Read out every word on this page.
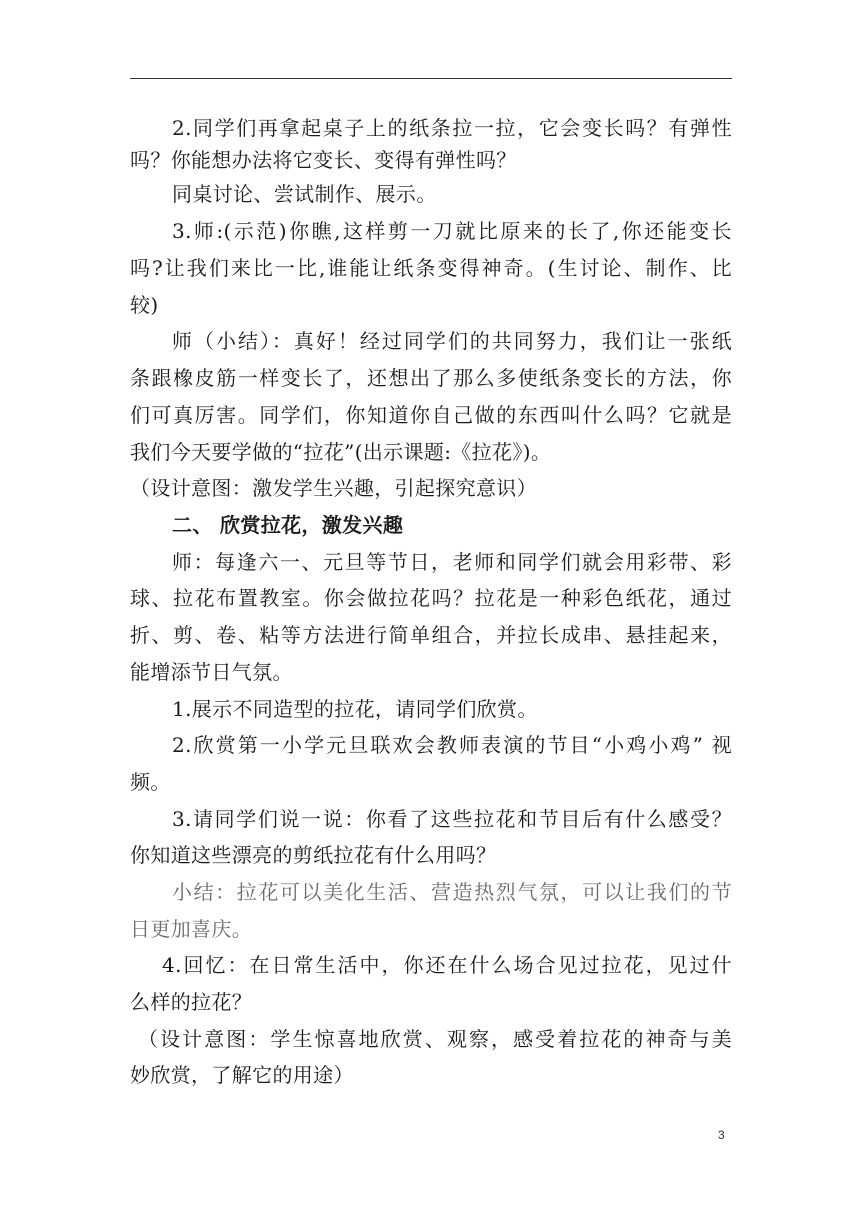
2.同学们再拿起桌子上的纸条拉一拉，它会变长吗？有弹性

吗？你能想办法将它变长、变得有弹性吗？

同桌讨论、尝试制作、展示。

3.师:(示范)你瞧,这样剪一刀就比原来的长了,你还能变长

吗?让我们来比一比,谁能让纸条变得神奇。(生讨论、制作、比

较)

师（小结）：真好！经过同学们的共同努力，我们让一张纸

条跟橡皮筋一样变长了，还想出了那么多使纸条变长的方法，你

们可真厉害。同学们，你知道你自己做的东西叫什么吗？它就是

我们今天要学做的“拉花”(出示课题:《拉花》)。

（设计意图：激发学生兴趣，引起探究意识）

二、 欣赏拉花，激发兴趣

师：每逢六一、元旦等节日，老师和同学们就会用彩带、彩

球、拉花布置教室。你会做拉花吗？拉花是一种彩色纸花，通过

折、剪、卷、粘等方法进行简单组合，并拉长成串、悬挂起来，

能增添节日气氛。

1.展示不同造型的拉花，请同学们欣赏。

2.欣赏第一小学元旦联欢会教师表演的节目“小鸡小鸡” 视

频。

3.请同学们说一说：你看了这些拉花和节目后有什么感受？

你知道这些漂亮的剪纸拉花有什么用吗？

小结：拉花可以美化生活、营造热烈气氛，可以让我们的节

日更加喜庆。

4.回忆：在日常生活中，你还在什么场合见过拉花，见过什

么样的拉花？

（设计意图：学生惊喜地欣赏、观察，感受着拉花的神奇与美

妙欣赏，了解它的用途）

3
